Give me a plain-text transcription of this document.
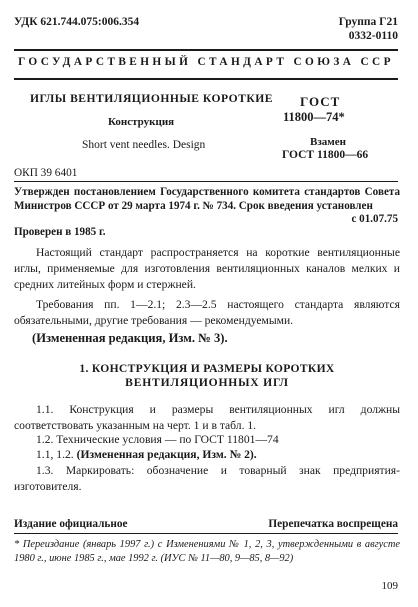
УДК 621.744.075:006.354	Группа Г21
0332-0110
ГОСУДАРСТВЕННЫЙ СТАНДАРТ СОЮЗА ССР
ИГЛЫ ВЕНТИЛЯЦИОННЫЕ КОРОТКИЕ
Конструкция
Short vent needles. Design
ГОСТ
11800—74*
Взамен
ГОСТ 11800—66
ОКП 39 6401
Утвержден постановлением Государственного комитета стандартов Совета Министров СССР от 29 марта 1974 г. № 734. Срок введения установлен
с 01.07.75
Проверен в 1985 г.
Настоящий стандарт распространяется на короткие вентиляционные иглы, применяемые для изготовления вентиляционных каналов мелких и средних литейных форм и стержней.
Требования пп. 1—2.1; 2.3—2.5 настоящего стандарта являются обязательными, другие требования — рекомендуемыми.
(Измененная редакция, Изм. № 3).
1. КОНСТРУКЦИЯ И РАЗМЕРЫ КОРОТКИХ
ВЕНТИЛЯЦИОННЫХ ИГЛ
1.1. Конструкция и размеры вентиляционных игл должны соответствовать указанным на черт. 1 и в табл. 1.
1.2. Технические условия — по ГОСТ 11801—74
1.1, 1.2. (Измененная редакция, Изм. № 2).
1.3. Маркировать: обозначение и товарный знак предприятия-изготовителя.
Издание официальное	Перепечатка воспрещена
* Переиздание (январь 1997 г.) с Изменениями № 1, 2, 3, утвержденными в августе 1980 г., июне 1985 г., мае 1992 г. (ИУС № 11—80, 9—85, 8—92)
109
